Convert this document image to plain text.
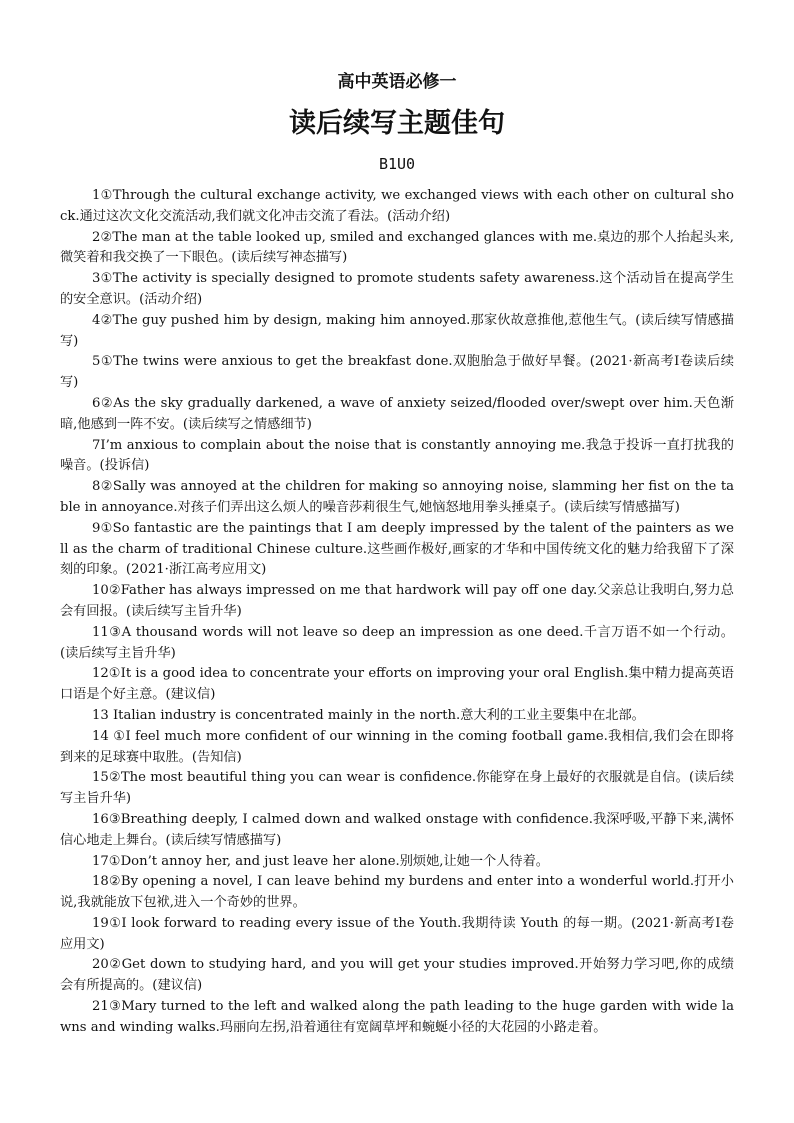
高中英语必修一
读后续写主题佳句
B1U0
1①Through the cultural exchange activity, we exchanged views with each other on cultural shock.通过这次文化交流活动,我们就文化冲击交流了看法。(活动介绍)
2②The man at the table looked up, smiled and exchanged glances with me.桌边的那个人抬起头来,微笑着和我交换了一下眼色。(读后续写神态描写)
3①The activity is specially designed to promote students safety awareness.这个活动旨在提高学生的安全意识。(活动介绍)
4②The guy pushed him by design, making him annoyed.那家伙故意推他,惹他生气。(读后续写情感描写)
5①The twins were anxious to get the breakfast done.双胞胎急于做好早餐。(2021·新高考Ⅰ卷读后续写)
6②As the sky gradually darkened, a wave of anxiety seized/flooded over/swept over him.天色渐暗,他感到一阵不安。(读后续写之情感细节)
7I’m anxious to complain about the noise that is constantly annoying me.我急于投诉一直打扰我的噪音。(投诉信)
8②Sally was annoyed at the children for making so annoying noise, slamming her fist on the table in annoyance.对孩子们弄出这么烦人的噪音莎莉很生气,她恼怒地用拳头捶桌子。(读后续写情感描写)
9①So fantastic are the paintings that I am deeply impressed by the talent of the painters as well as the charm of traditional Chinese culture.这些画作极好,画家的才华和中国传统文化的魅力给我留下了深刻的印象。(2021·浙江高考应用文)
10②Father has always impressed on me that hardwork will pay off one day.父亲总让我明白,努力总会有回报。(读后续写主旨升华)
11③A thousand words will not leave so deep an impression as one deed.千言万语不如一个行动。(读后续写主旨升华)
12①It is a good idea to concentrate your efforts on improving your oral English.集中精力提高英语口语是个好主意。(建议信)
13 Italian industry is concentrated mainly in the north.意大利的工业主要集中在北部。
14 ①I feel much more confident of our winning in the coming football game.我相信,我们会在即将到来的足球赛中取胜。(告知信)
15②The most beautiful thing you can wear is confidence.你能穿在身上最好的衣服就是自信。(读后续写主旨升华)
16③Breathing deeply, I calmed down and walked onstage with confidence.我深呼吸,平静下来,满怀信心地走上舞台。(读后续写情感描写)
17①Don’t annoy her, and just leave her alone.别烦她,让她一个人待着。
18②By opening a novel, I can leave behind my burdens and enter into a wonderful world.打开小说,我就能放下包袱,进入一个奇妙的世界。
19①I look forward to reading every issue of the Youth.我期待读 Youth 的每一期。(2021·新高考Ⅰ卷应用文)
20②Get down to studying hard, and you will get your studies improved.开始努力学习吧,你的成绩会有所提高的。(建议信)
21③Mary turned to the left and walked along the path leading to the huge garden with wide lawns and winding walks.玛丽向左拐,沿着通往有宽阔草坪和蜿蜒小径的大花园的小路走着。
